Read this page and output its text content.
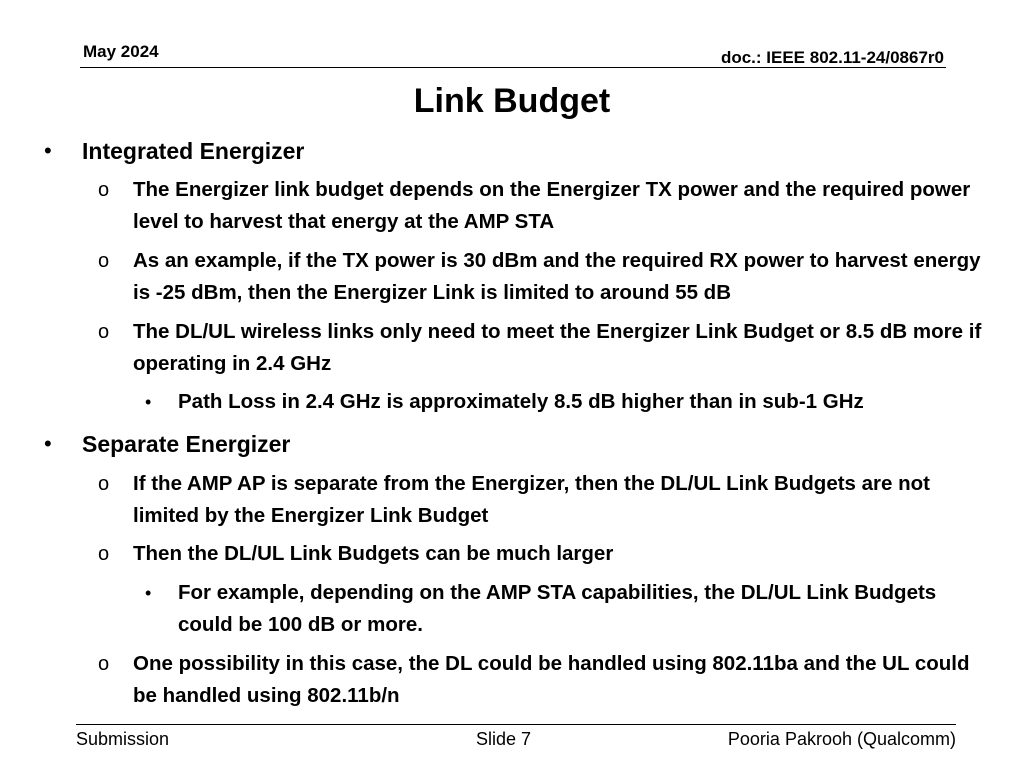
May 2024	doc.: IEEE 802.11-24/0867r0
Link Budget
• Integrated Energizer
o The Energizer link budget depends on the Energizer TX power and the required power level to harvest that energy at the AMP STA
o As an example, if the TX power is 30 dBm and the required RX power to harvest energy is -25 dBm, then the Energizer Link is limited to around 55 dB
o The DL/UL wireless links only need to meet the Energizer Link Budget or 8.5 dB more if operating in 2.4 GHz
• Path Loss in 2.4 GHz is approximately 8.5 dB higher than in sub-1 GHz
• Separate Energizer
o If the AMP AP is separate from the Energizer, then the DL/UL Link Budgets are not limited by the Energizer Link Budget
o Then the DL/UL Link Budgets can be much larger
• For example, depending on the AMP STA capabilities, the DL/UL Link Budgets could be 100 dB or more.
o One possibility in this case, the DL could be handled using 802.11ba and the UL could be handled using 802.11b/n
Submission	Slide 7	Pooria Pakrooh (Qualcomm)
